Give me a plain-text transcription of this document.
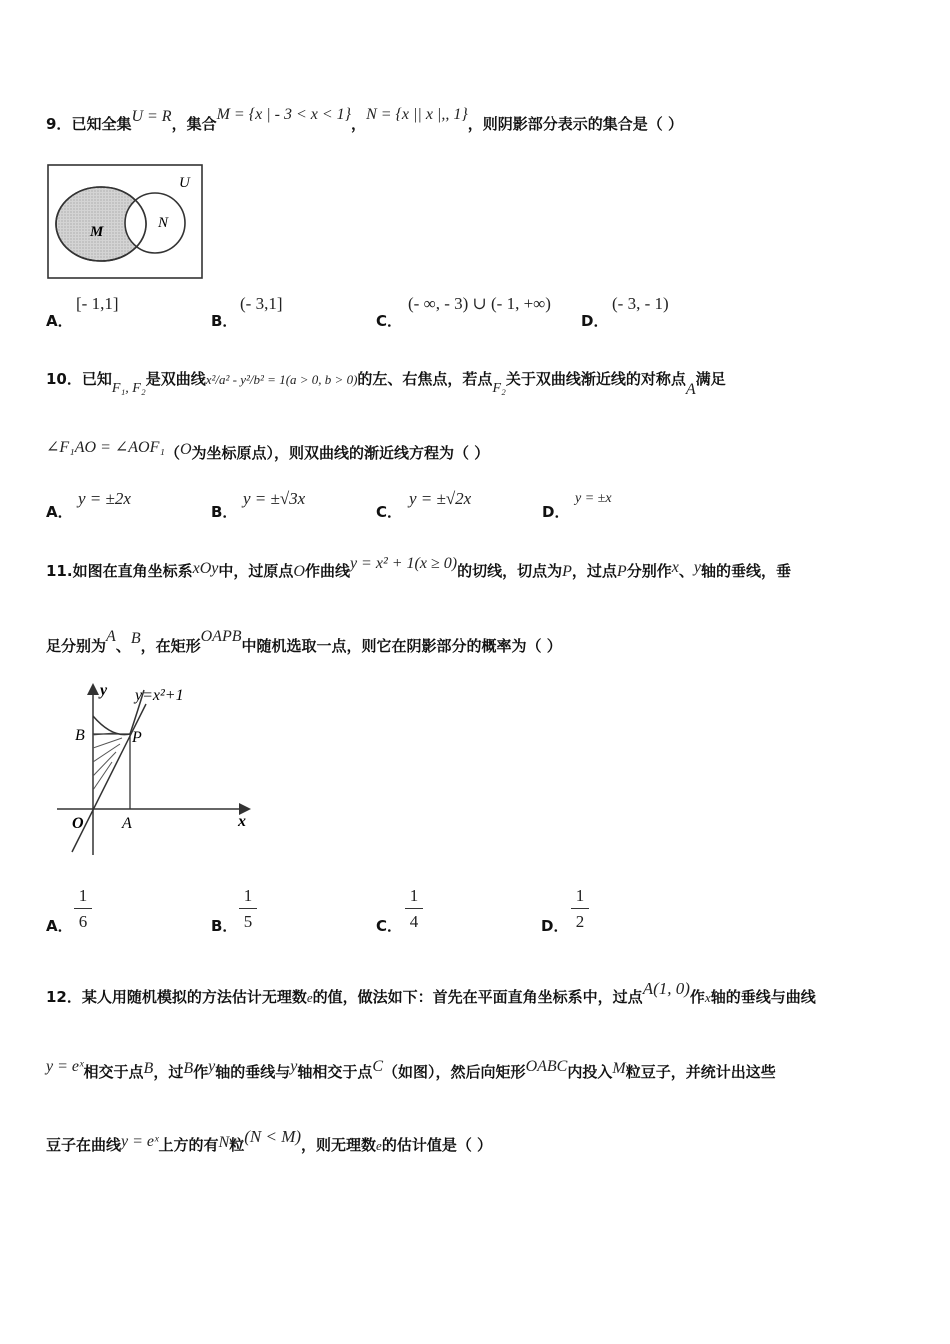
9．已知全集U = R，集合M = {x | - 3 < x < 1}，N = {x || x |,, 1}，则阴影部分表示的集合是（ ）
U
M
N
A．
[- 1,1]
B．
(- 3,1]
C．
(- ∞, - 3) ∪ (- 1, +∞)
D．
(- 3, - 1)
10．已知F₁, F₂是双曲线x²/a² - y²/b² = 1(a > 0, b > 0)的左、右焦点，若点F₂关于双曲线渐近线的对称点A满足
∠F₁AO = ∠AOF₁（O为坐标原点），则双曲线的渐近线方程为（ ）
A．
y = ±2x
B．
y = ±√3x
C．
y = ±√2x
D．
y = ±x
11.如图在直角坐标系xOy中，过原点O作曲线y = x² + 1(x ≥ 0)的切线，切点为P，过点P分别作x、y轴的垂线，垂
足分别为A、B，在矩形OAPB中随机选取一点，则它在阴影部分的概率为（ ）
y y=x²+1
B	P
O A	x
A． $\frac{1}{6}$	B． $\frac{1}{5}$	C． $\frac{1}{4}$	D． $\frac{1}{2}$
12．某人用随机模拟的方法估计无理数e的值，做法如下：首先在平面直角坐标系中，过点A(1, 0)作x轴的垂线与曲线
y = eˣ相交于点B，过B作y轴的垂线与y轴相交于点C（如图），然后向矩形OABC内投入M粒豆子，并统计出这些
豆子在曲线y = eˣ上方的有N粒(N < M)，则无理数e的估计值是（ ）
